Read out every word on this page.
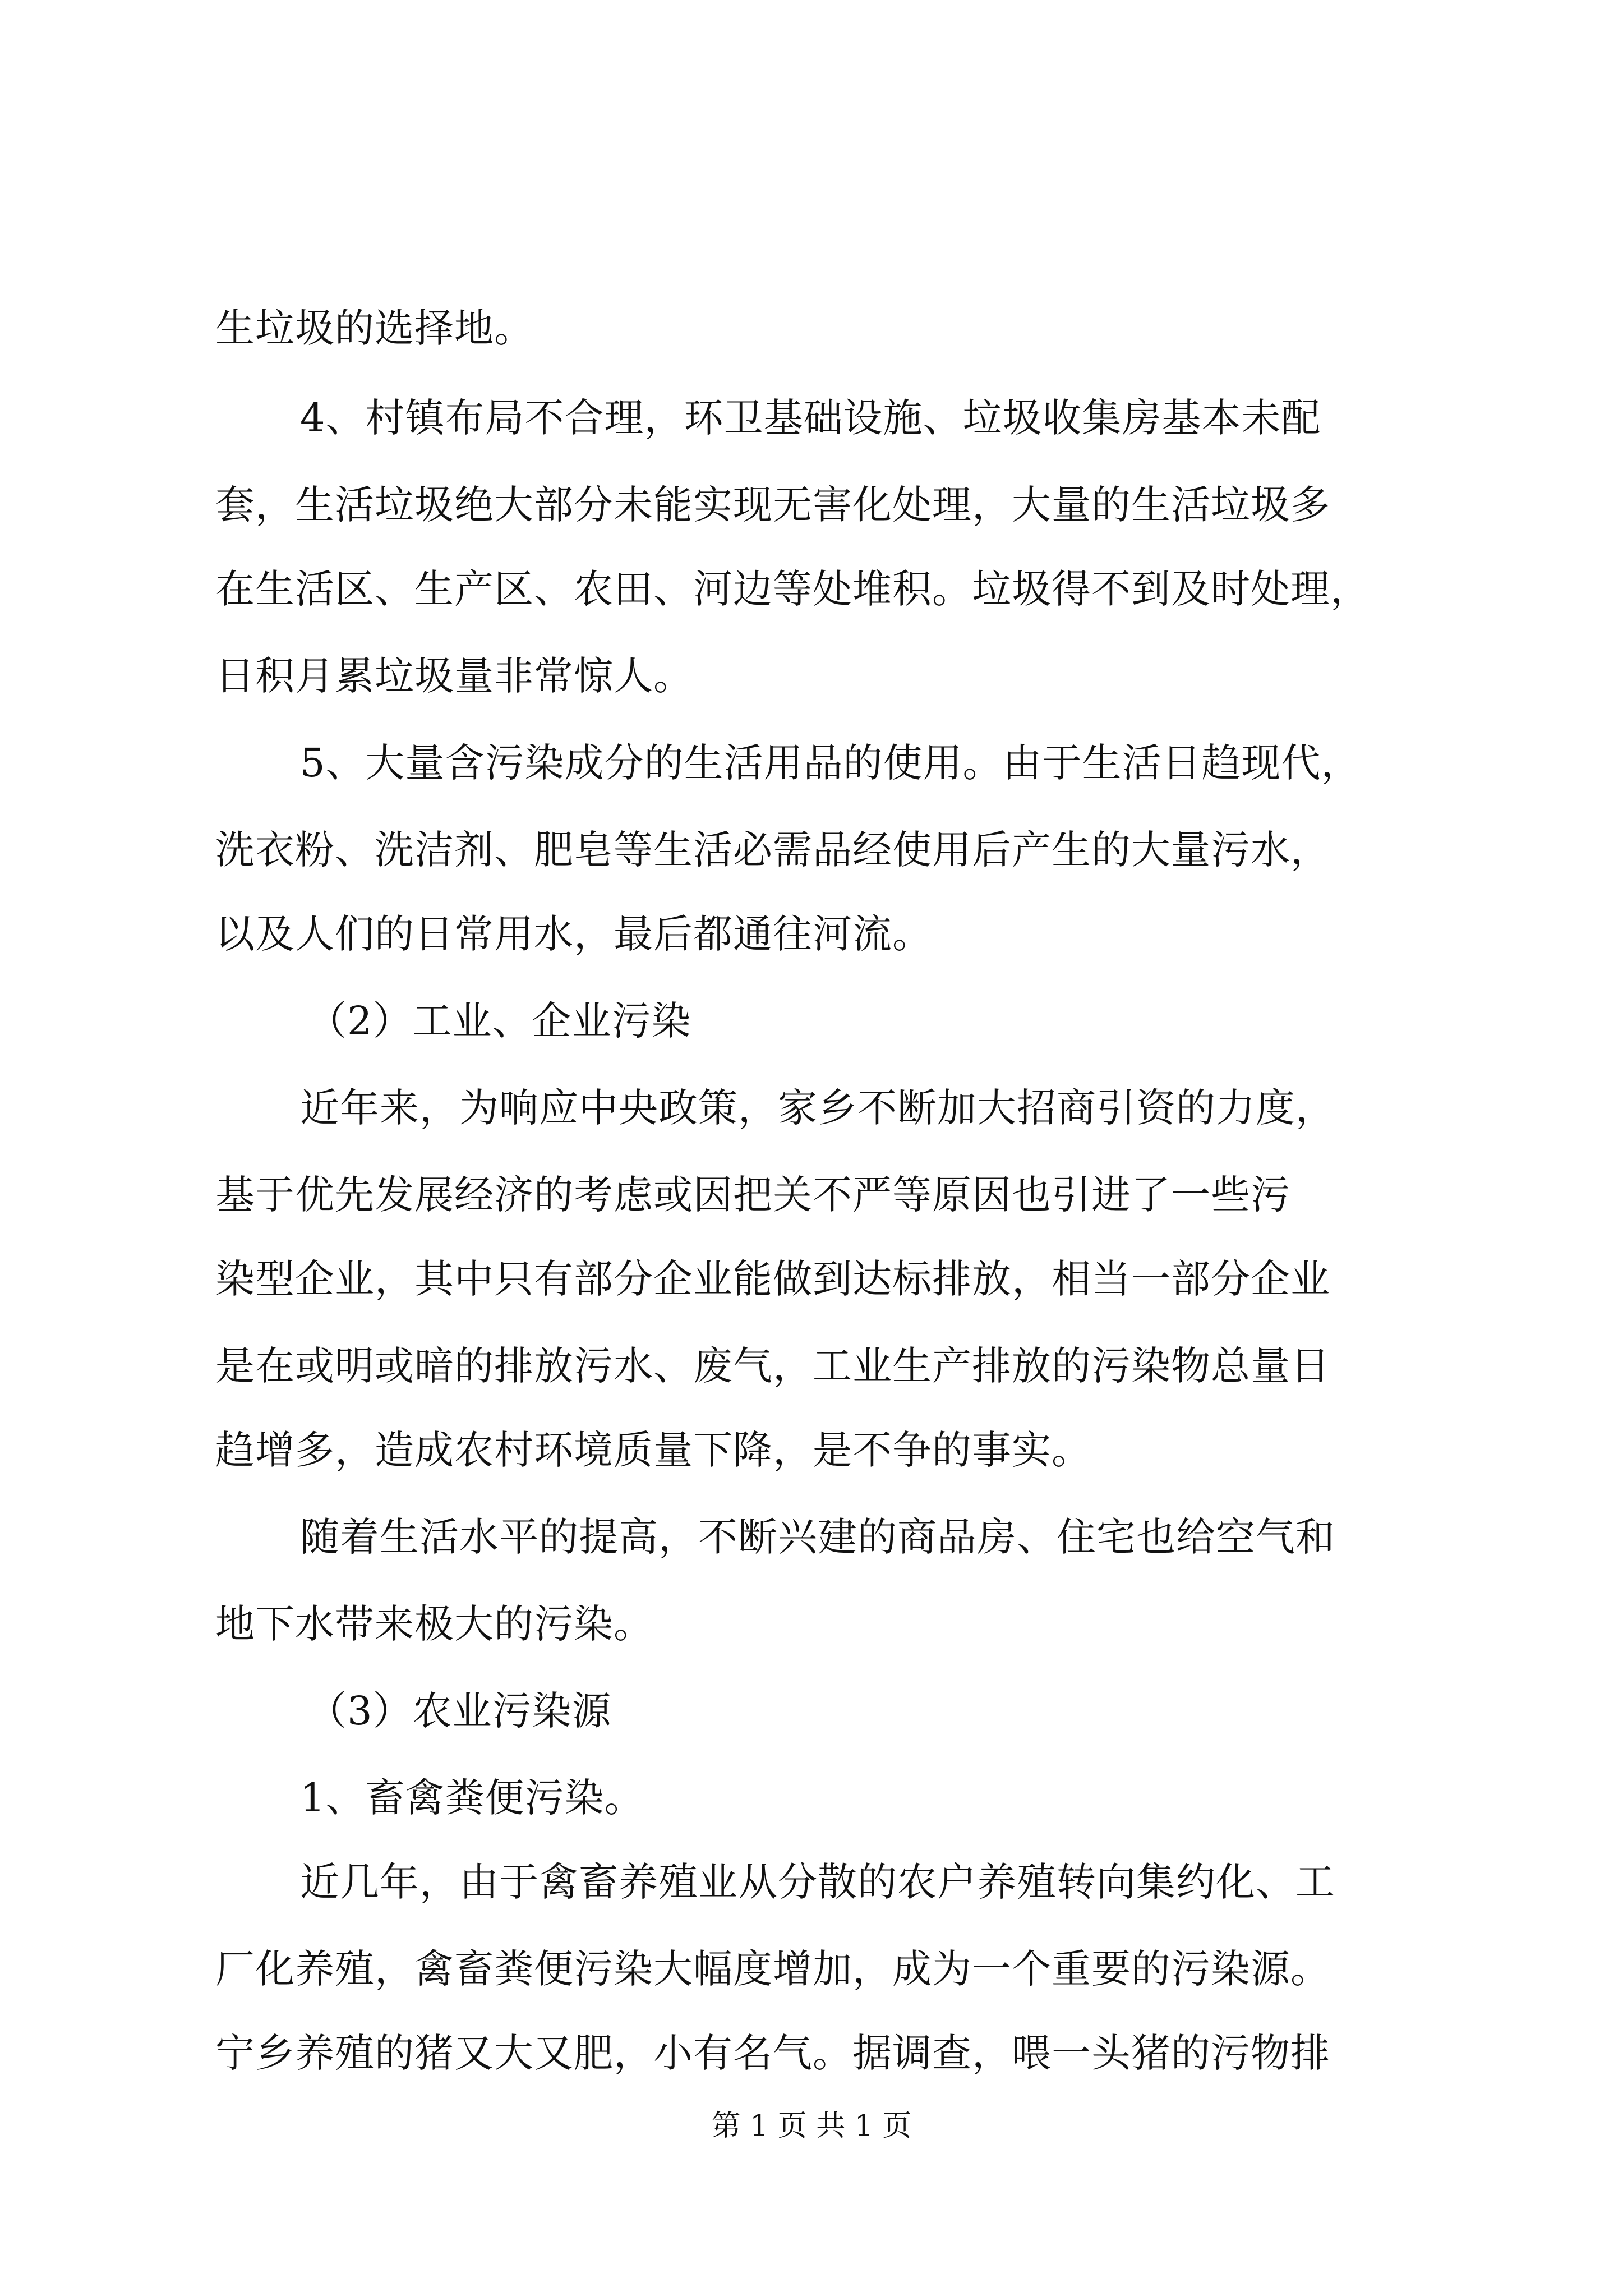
生垃圾的选择地。
4、村镇布局不合理，环卫基础设施、垃圾收集房基本未配
套，生活垃圾绝大部分未能实现无害化处理，大量的生活垃圾多
在生活区、生产区、农田、河边等处堆积。垃圾得不到及时处理，
日积月累垃圾量非常惊人。
5、大量含污染成分的生活用品的使用。由于生活日趋现代，
洗衣粉、洗洁剂、肥皂等生活必需品经使用后产生的大量污水，
以及人们的日常用水，最后都通往河流。
（2）工业、企业污染
近年来，为响应中央政策，家乡不断加大招商引资的力度，
基于优先发展经济的考虑或因把关不严等原因也引进了一些污
染型企业，其中只有部分企业能做到达标排放，相当一部分企业
是在或明或暗的排放污水、废气，工业生产排放的污染物总量日
趋增多，造成农村环境质量下降，是不争的事实。
随着生活水平的提高，不断兴建的商品房、住宅也给空气和
地下水带来极大的污染。
（3）农业污染源
1、畜禽粪便污染。
近几年，由于禽畜养殖业从分散的农户养殖转向集约化、工
厂化养殖，禽畜粪便污染大幅度增加，成为一个重要的污染源。
宁乡养殖的猪又大又肥，小有名气。据调查，喂一头猪的污物排
第 1 页 共 1 页
